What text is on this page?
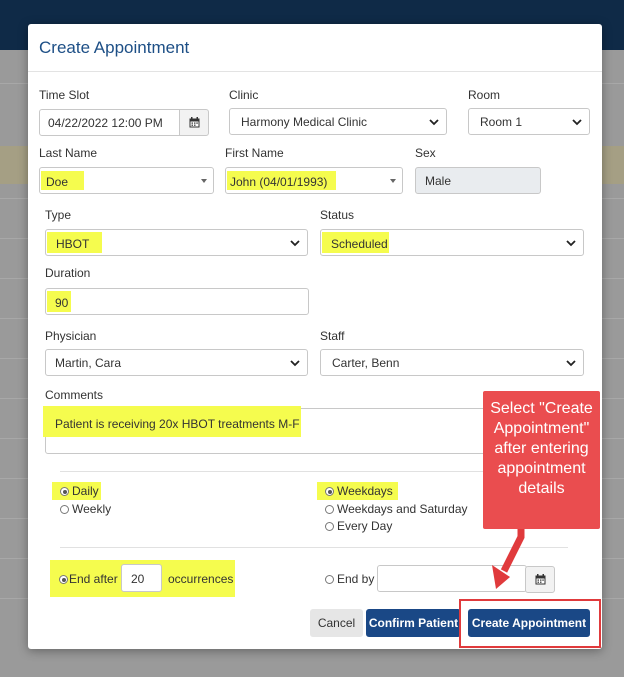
Create Appointment
Time Slot
04/22/2022 12:00 PM
Clinic
Harmony Medical Clinic
Room
Room 1
Last Name
Doe
First Name
John (04/01/1993)
Sex
Male
Type
HBOT
Status
Scheduled
Duration
90
Physician
Martin, Cara
Staff
Carter, Benn
Comments
Patient is receiving 20x HBOT treatments M-F
Daily
Weekly
Weekdays
Weekdays and Saturday
Every Day
End after 20 occurrences	End by
Cancel	Confirm Patient	Create Appointment
Select "Create Appointment" after entering appointment details
